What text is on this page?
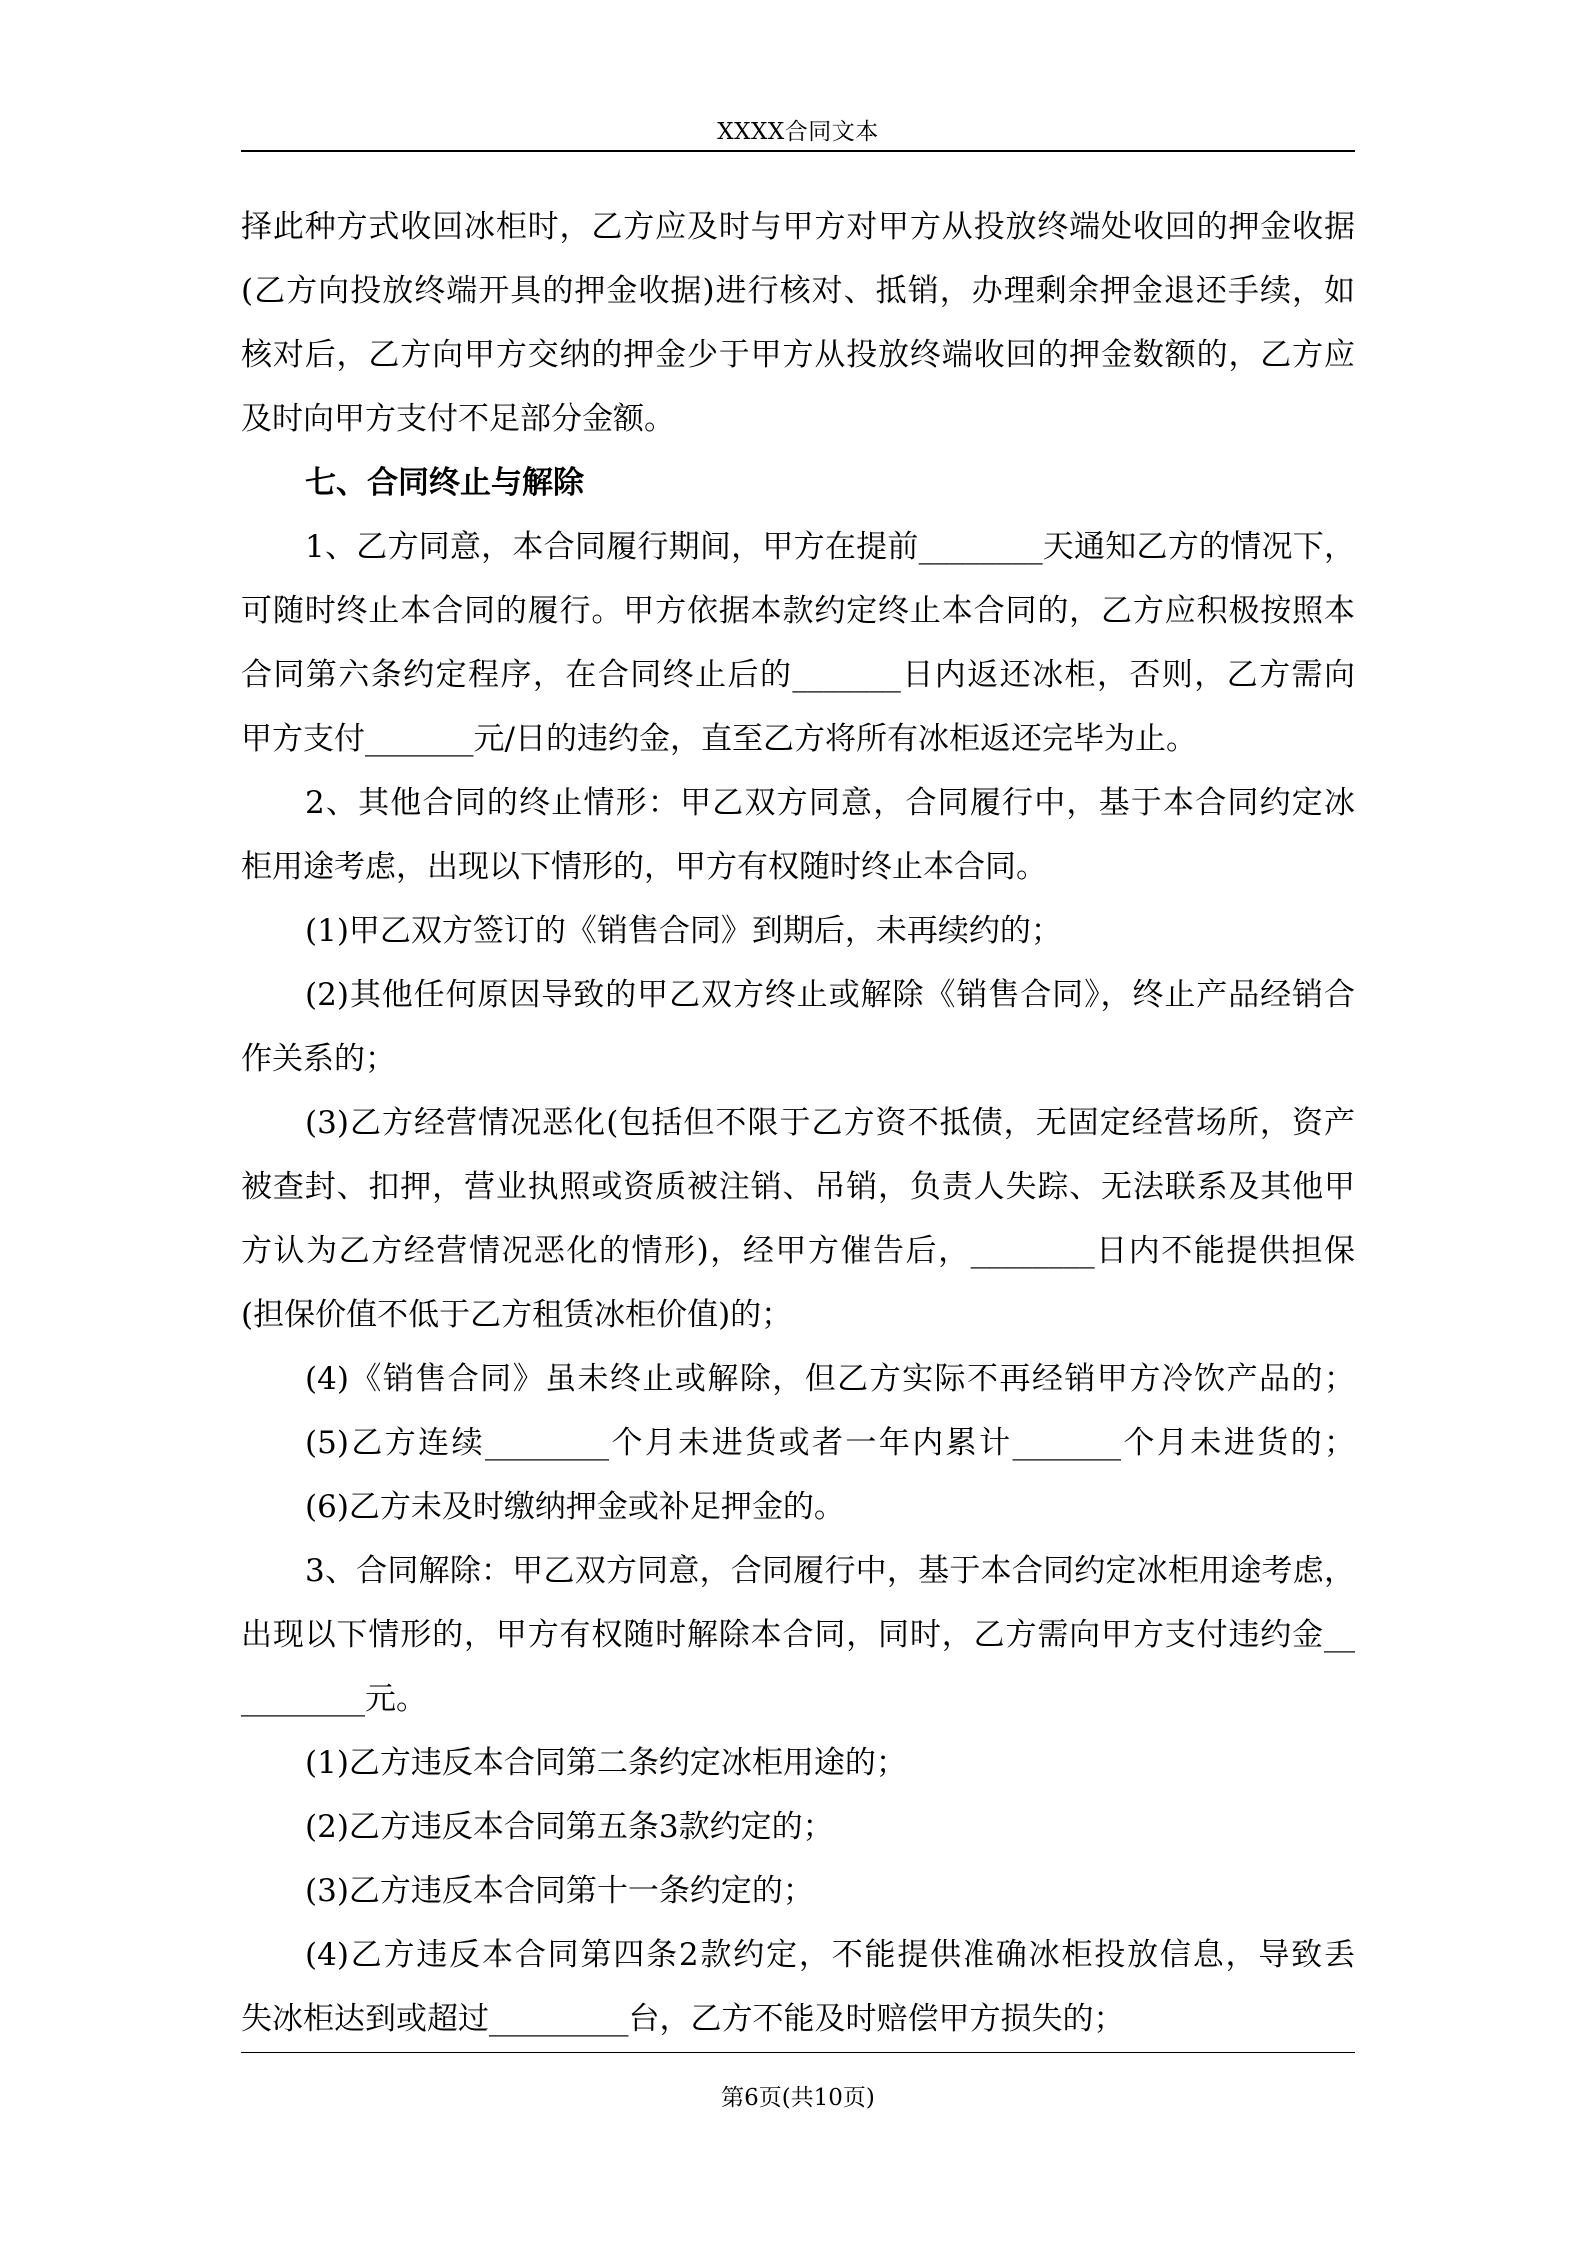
XXXX合同文本
择此种方式收回冰柜时，乙方应及时与甲方对甲方从投放终端处收回的押金收据
(乙方向投放终端开具的押金收据)进行核对、抵销，办理剩余押金退还手续，如
核对后，乙方向甲方交纳的押金少于甲方从投放终端收回的押金数额的，乙方应
及时向甲方支付不足部分金额。
七、合同终止与解除
1、乙方同意，本合同履行期间，甲方在提前________天通知乙方的情况下，
可随时终止本合同的履行。甲方依据本款约定终止本合同的，乙方应积极按照本
合同第六条约定程序，在合同终止后的_______日内返还冰柜，否则，乙方需向
甲方支付_______元/日的违约金，直至乙方将所有冰柜返还完毕为止。
2、其他合同的终止情形：甲乙双方同意，合同履行中，基于本合同约定冰
柜用途考虑，出现以下情形的，甲方有权随时终止本合同。
(1)甲乙双方签订的《销售合同》到期后，未再续约的；
(2)其他任何原因导致的甲乙双方终止或解除《销售合同》，终止产品经销合
作关系的；
(3)乙方经营情况恶化(包括但不限于乙方资不抵债，无固定经营场所，资产
被查封、扣押，营业执照或资质被注销、吊销，负责人失踪、无法联系及其他甲
方认为乙方经营情况恶化的情形)，经甲方催告后，________日内不能提供担保
(担保价值不低于乙方租赁冰柜价值)的；
(4)《销售合同》虽未终止或解除，但乙方实际不再经销甲方冷饮产品的；
(5)乙方连续________个月未进货或者一年内累计_______个月未进货的；
(6)乙方未及时缴纳押金或补足押金的。
3、合同解除：甲乙双方同意，合同履行中，基于本合同约定冰柜用途考虑，
出现以下情形的，甲方有权随时解除本合同，同时，乙方需向甲方支付违约金__
________元。
(1)乙方违反本合同第二条约定冰柜用途的；
(2)乙方违反本合同第五条3款约定的；
(3)乙方违反本合同第十一条约定的；
(4)乙方违反本合同第四条2款约定，不能提供准确冰柜投放信息，导致丢
失冰柜达到或超过_________台，乙方不能及时赔偿甲方损失的；
第6页(共10页)
